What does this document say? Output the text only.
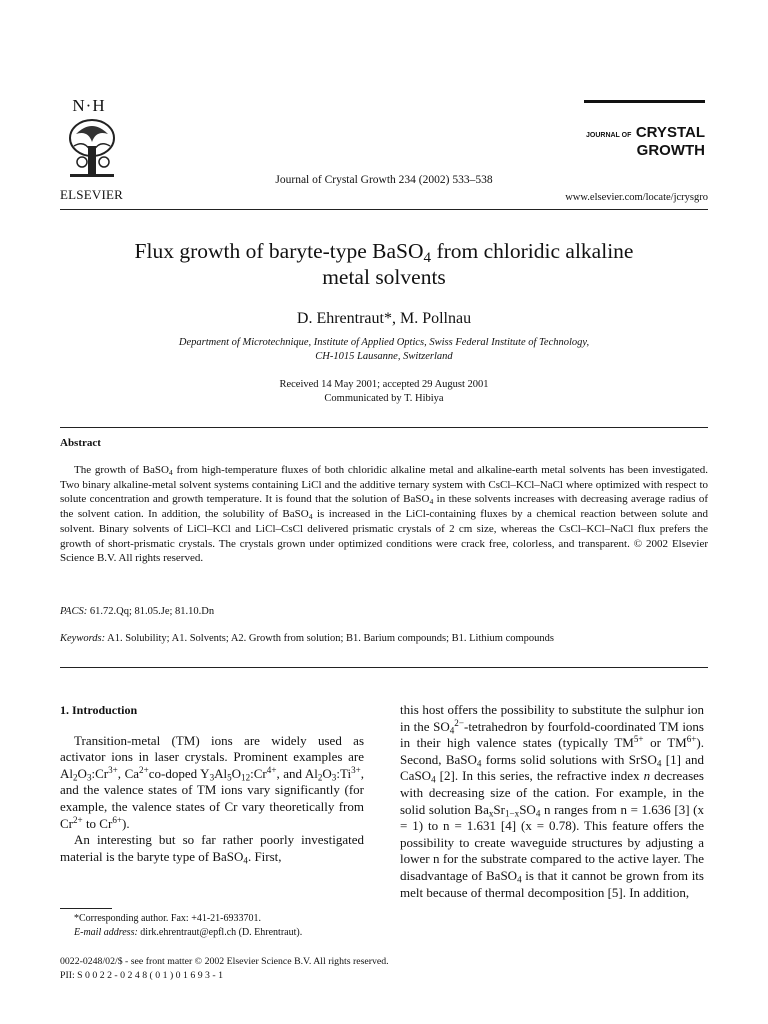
N·H
ELSEVIER
Journal of Crystal Growth 234 (2002) 533–538
JOURNAL OF CRYSTAL
GROWTH
www.elsevier.com/locate/jcrysgro
Flux growth of baryte-type BaSO$_4$ from chloridic alkaline
metal solvents
D. Ehrentraut*, M. Pollnau
Department of Microtechnique, Institute of Applied Optics, Swiss Federal Institute of Technology,
CH-1015 Lausanne, Switzerland
Received 14 May 2001; accepted 29 August 2001
Communicated by T. Hibiya
Abstract
The growth of BaSO$_4$ from high-temperature fluxes of both chloridic alkaline metal and alkaline-earth metal solvents has been investigated. Two binary alkaline-metal solvent systems containing LiCl and the additive ternary system with CsCl–KCl–NaCl where optimized with respect to solute concentration and growth temperature. It is found that the solution of BaSO$_4$ in these solvents increases with decreasing average radius of the solvent cation. In addition, the solubility of BaSO$_4$ is increased in the LiCl-containing fluxes by a chemical reaction between solute and solvent. Binary solvents of LiCl–KCl and LiCl–CsCl delivered prismatic crystals of 2 cm size, whereas the CsCl–KCl–NaCl flux prefers the growth of short-prismatic crystals. The crystals grown under optimized conditions were crack free, colorless, and transparent. © 2002 Elsevier Science B.V. All rights reserved.
PACS: 61.72.Qq; 81.05.Je; 81.10.Dn
Keywords: A1. Solubility; A1. Solvents; A2. Growth from solution; B1. Barium compounds; B1. Lithium compounds
1. Introduction

Transition-metal (TM) ions are widely used as activator ions in laser crystals. Prominent examples are $Al_2O_3:Cr^{3+}$, $Ca^{2+}co$-doped $Y_3Al_5O_{12}:Cr^{4+}$, and $Al_2O_3:Ti^{3+}$, and the valence states of TM ions vary significantly (for example, the valence states of Cr vary theoretically from $Cr^{2+}$ to $Cr^{6+}$).

An interesting but so far rather poorly investigated material is the baryte type of BaSO$_4$. First,

this host offers the possibility to substitute the sulphur ion in the $SO_4^{2-}$-tetrahedron by fourfold-coordinated TM ions in their high valence states (typically $TM^{5+}$ or $TM^{6+}$). Second, BaSO$_4$ forms solid solutions with SrSO$_4$ [1] and CaSO$_4$ [2]. In this series, the refractive index n decreases with decreasing size of the cation. For example, in the solid solution $Ba_xSr_{1-x}SO_4$ n ranges from n = 1.636 [3] (x = 1) to n = 1.631 [4] (x = 0.78). This feature offers the possibility to create waveguide structures by adjusting a lower n for the substrate compared to the active layer. The disadvantage of BaSO$_4$ is that it cannot be grown from its melt because of thermal decomposition [5]. In addition,

*Corresponding author. Fax: +41-21-6933701.
E-mail address: dirk.ehrentraut@epfl.ch (D. Ehrentraut).
0022-0248/02/$ - see front matter © 2002 Elsevier Science B.V. All rights reserved.
PII: S 0 0 2 2 - 0 2 4 8 ( 0 1 ) 0 1 6 9 3 - 1
